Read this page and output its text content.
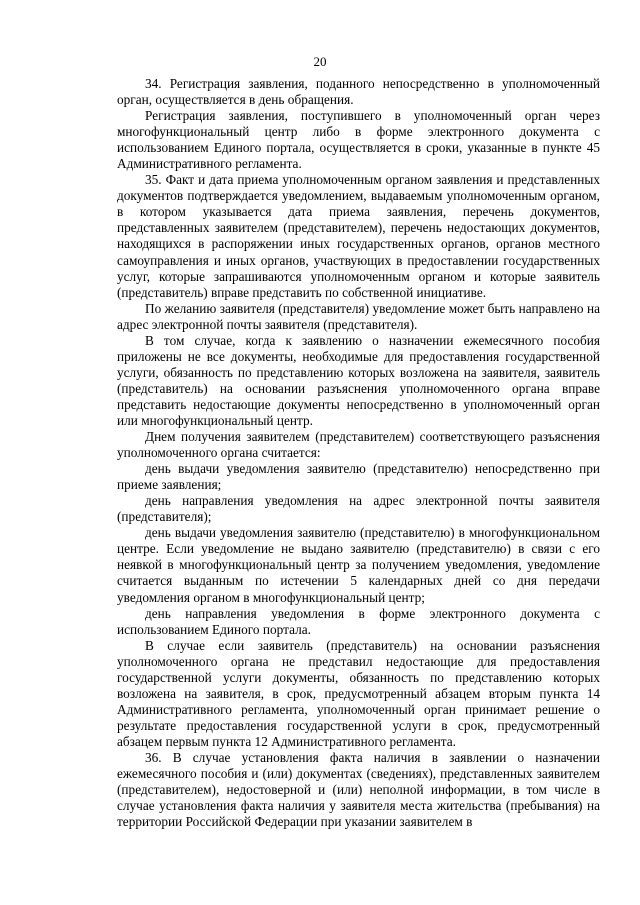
20

34. Регистрация заявления, поданного непосредственно в уполномоченный орган, осуществляется в день обращения.

Регистрация заявления, поступившего в уполномоченный орган через многофункциональный центр либо в форме электронного документа с использованием Единого портала, осуществляется в сроки, указанные в пункте 45 Административного регламента.

35. Факт и дата приема уполномоченным органом заявления и представленных документов подтверждается уведомлением, выдаваемым уполномоченным органом, в котором указывается дата приема заявления, перечень документов, представленных заявителем (представителем), перечень недостающих документов, находящихся в распоряжении иных государственных органов, органов местного самоуправления и иных органов, участвующих в предоставлении государственных услуг, которые запрашиваются уполномоченным органом и которые заявитель (представитель) вправе представить по собственной инициативе.

По желанию заявителя (представителя) уведомление может быть направлено на адрес электронной почты заявителя (представителя).

В том случае, когда к заявлению о назначении ежемесячного пособия приложены не все документы, необходимые для предоставления государственной услуги, обязанность по представлению которых возложена на заявителя, заявитель (представитель) на основании разъяснения уполномоченного органа вправе представить недостающие документы непосредственно в уполномоченный орган или многофункциональный центр.

Днем получения заявителем (представителем) соответствующего разъяснения уполномоченного органа считается:

день выдачи уведомления заявителю (представителю) непосредственно при приеме заявления;

день направления уведомления на адрес электронной почты заявителя (представителя);

день выдачи уведомления заявителю (представителю) в многофункциональном центре. Если уведомление не выдано заявителю (представителю) в связи с его неявкой в многофункциональный центр за получением уведомления, уведомление считается выданным по истечении 5 календарных дней со дня передачи уведомления органом в многофункциональный центр;

день направления уведомления в форме электронного документа с использованием Единого портала.

В случае если заявитель (представитель) на основании разъяснения уполномоченного органа не представил недостающие для предоставления государственной услуги документы, обязанность по представлению которых возложена на заявителя, в срок, предусмотренный абзацем вторым пункта 14 Административного регламента, уполномоченный орган принимает решение о результате предоставления государственной услуги в срок, предусмотренный абзацем первым пункта 12 Административного регламента.

36. В случае установления факта наличия в заявлении о назначении ежемесячного пособия и (или) документах (сведениях), представленных заявителем (представителем), недостоверной и (или) неполной информации, в том числе в случае установления факта наличия у заявителя места жительства (пребывания) на территории Российской Федерации при указании заявителем в
